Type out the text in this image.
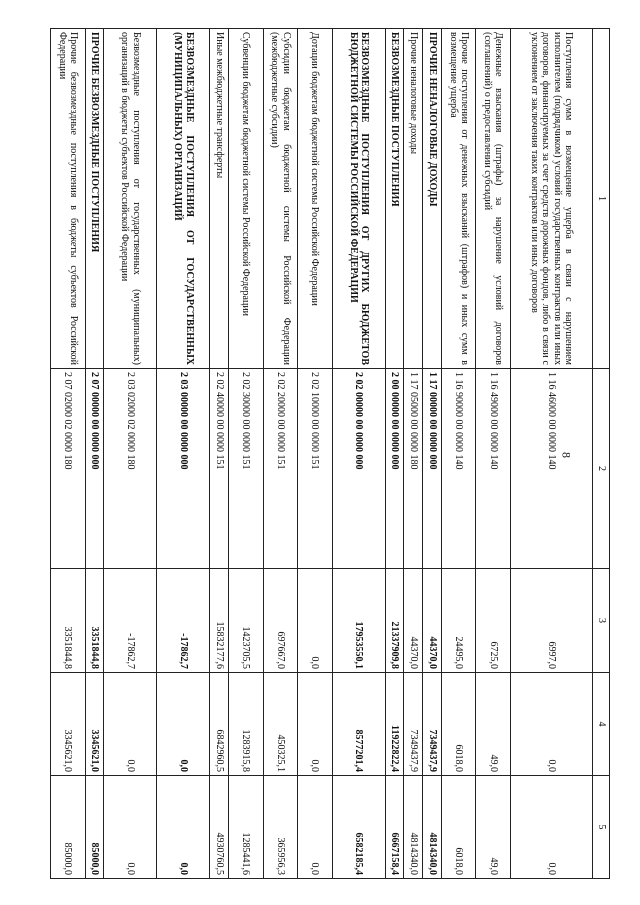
8
1	2	3	4	5
Поступления сумм в возмещение ущерба в связи с нарушением исполнителем (подрядчиком) условий государственных контрактов или иных договоров, финансируемых за счет средств дорожных фондов, либо в связи с уклонением от заключения таких контрактов или иных договоров	1 16 46000 00 0000 140	6997,0	0,0	0,0
Денежные взыскания (штрафы) за нарушение условий договоров (соглашений) о предоставлении субсидий	1 16 49000 00 0000 140	6725,0	49,0	49,0
Прочие поступления от денежных взысканий (штрафов) и иных сумм в возмещение ущерба	1 16 90000 00 0000 140	24495,0	6018,0	6018,0
ПРОЧИЕ НЕНАЛОГОВЫЕ ДОХОДЫ	1 17 00000 00 0000 000	44370,0	7349437,9	4814340,0
Прочие неналоговые доходы	1 17 05000 00 0000 180	44370,0	7349437,9	4814340,0
БЕЗВОЗМЕЗДНЫЕ ПОСТУПЛЕНИЯ	2 00 00000 00 0000 000	21337909,8	11922822,4	6667158,4
БЕЗВОЗМЕЗДНЫЕ ПОСТУПЛЕНИЯ ОТ ДРУГИХ БЮДЖЕТОВ БЮДЖЕТНОЙ СИСТЕМЫ РОССИЙСКОЙ ФЕДЕРАЦИИ	2 02 00000 00 0000 000	17953550,1	8577201,4	6582185,4
Дотации бюджетам бюджетной системы Российской Федерации	2 02 10000 00 0000 151	0,0	0,0	0,0
Субсидии бюджетам бюджетной системы Российской Федерации (межбюджетные субсидии)	2 02 20000 00 0000 151	697667,0	450325,1	365956,3
Субвенции бюджетам бюджетной системы Российской Федерации	2 02 30000 00 0000 151	1423705,5	1283915,8	1285441,6
Иные межбюджетные трансферты	2 02 40000 00 0000 151	15832177,6	6842960,5	4930760,5
БЕЗВОЗМЕЗДНЫЕ ПОСТУПЛЕНИЯ ОТ ГОСУДАРСТВЕННЫХ (МУНИЦИПАЛЬНЫХ) ОРГАНИЗАЦИЙ	2 03 00000 00 0000 000	-17862,7	0,0	0,0
Безвозмездные поступления от государственных (муниципальных) организаций в бюджеты субъектов Российской Федерации	2 03 02000 02 0000 180	-17862,7	0,0	0,0
ПРОЧИЕ БЕЗВОЗМЕЗДНЫЕ ПОСТУПЛЕНИЯ	2 07 00000 00 0000 000	3351844,8	3345621,0	85000,0
Прочие безвозмездные поступления в бюджеты субъектов Российской Федерации	2 07 02000 02 0000 180	3351844,8	3345621,0	85000,0
